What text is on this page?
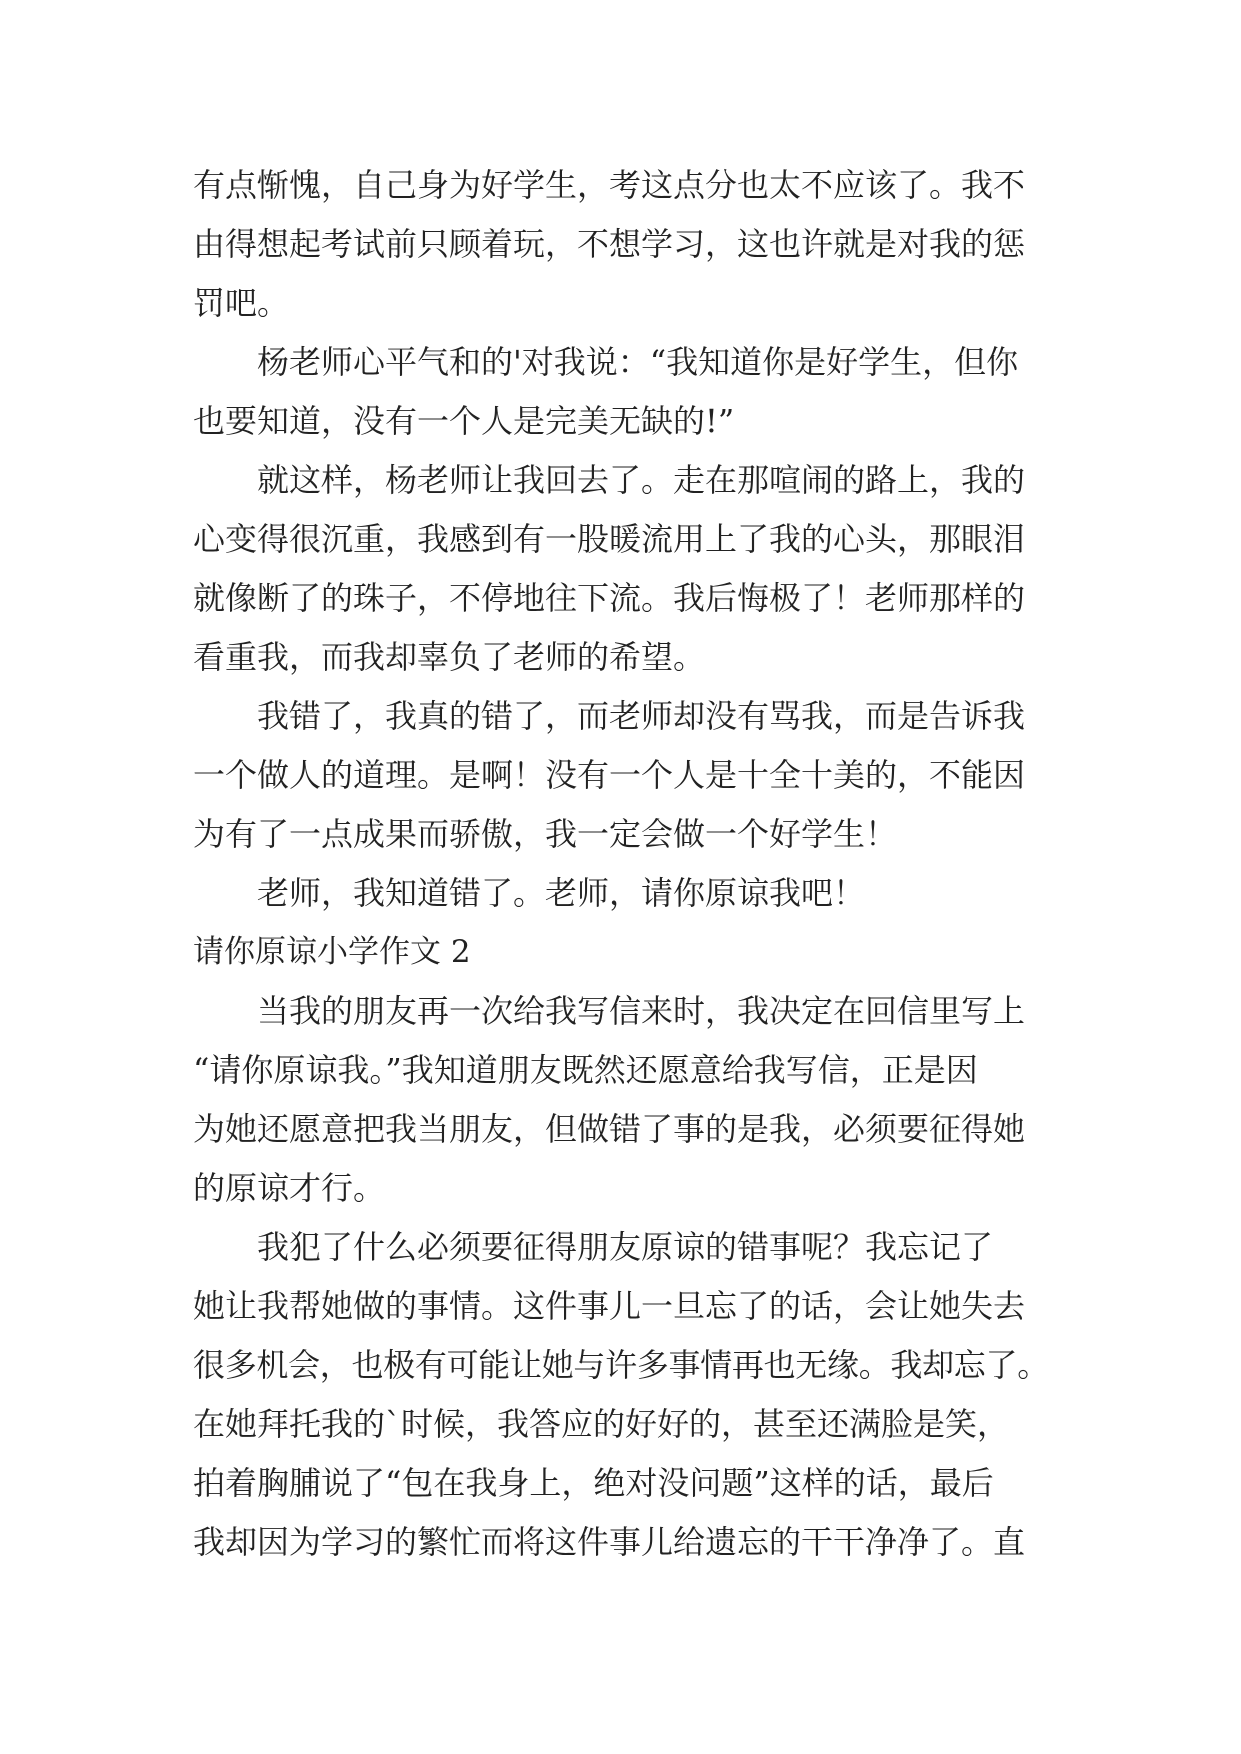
有点惭愧，自己身为好学生，考这点分也太不应该了。我不
由得想起考试前只顾着玩，不想学习，这也许就是对我的惩
罚吧。
杨老师心平气和的'对我说：“我知道你是好学生，但你
也要知道，没有一个人是完美无缺的!”
就这样，杨老师让我回去了。走在那喧闹的路上，我的
心变得很沉重，我感到有一股暖流用上了我的心头，那眼泪
就像断了的珠子，不停地往下流。我后悔极了！老师那样的
看重我，而我却辜负了老师的希望。
我错了，我真的错了，而老师却没有骂我，而是告诉我
一个做人的道理。是啊！没有一个人是十全十美的，不能因
为有了一点成果而骄傲，我一定会做一个好学生！
老师，我知道错了。老师，请你原谅我吧！
请你原谅小学作文 2
当我的朋友再一次给我写信来时，我决定在回信里写上
“请你原谅我。”我知道朋友既然还愿意给我写信，正是因
为她还愿意把我当朋友，但做错了事的是我，必须要征得她
的原谅才行。
我犯了什么必须要征得朋友原谅的错事呢？我忘记了
她让我帮她做的事情。这件事儿一旦忘了的话，会让她失去
很多机会，也极有可能让她与许多事情再也无缘。我却忘了。
在她拜托我的`时候，我答应的好好的，甚至还满脸是笑，
拍着胸脯说了“包在我身上，绝对没问题”这样的话，最后
我却因为学习的繁忙而将这件事儿给遗忘的干干净净了。直
